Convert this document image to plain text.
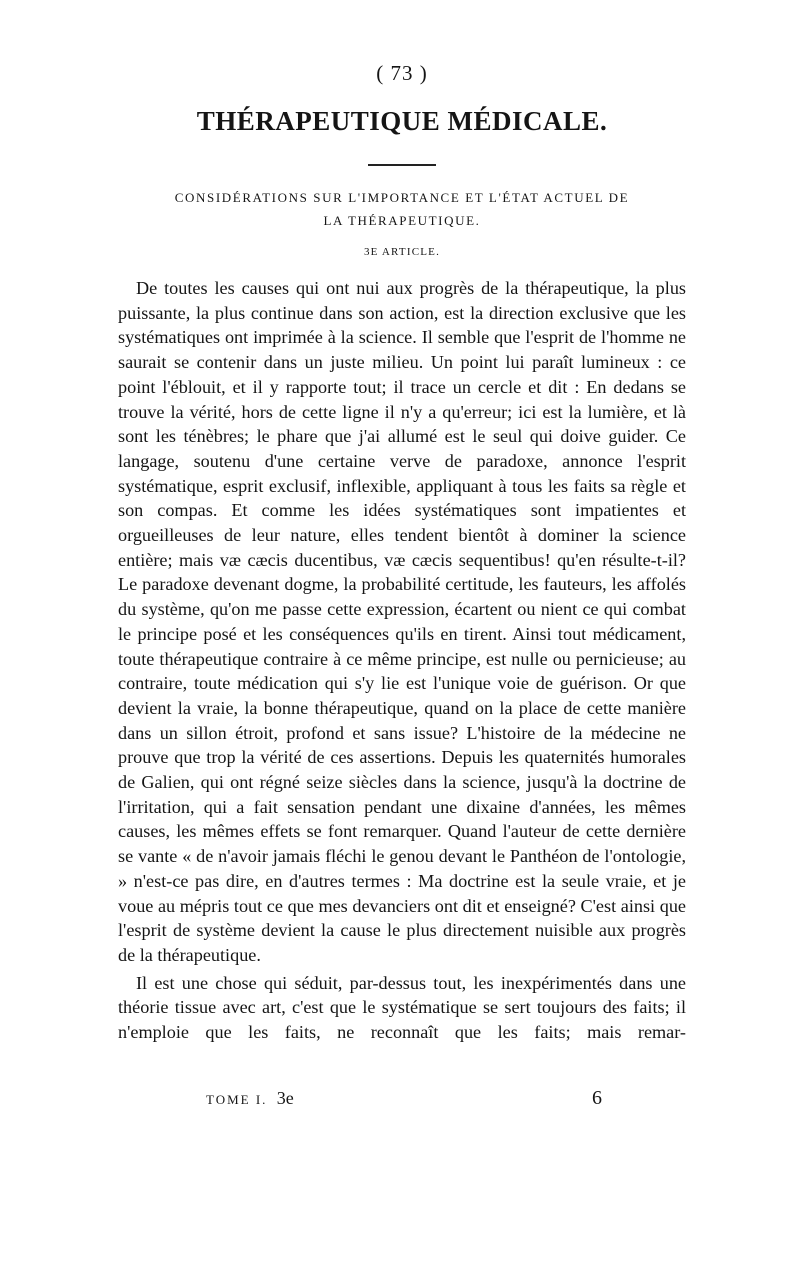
( 73 )
THÉRAPEUTIQUE MÉDICALE.
CONSIDÉRATIONS SUR L'IMPORTANCE ET L'ÉTAT ACTUEL DE
LA THÉRAPEUTIQUE.
3E ARTICLE.

De toutes les causes qui ont nui aux progrès de la thérapeutique, la plus puissante, la plus continue dans son action, est la direction exclusive que les systématiques ont imprimée à la science. Il semble que l'esprit de l'homme ne saurait se contenir dans un juste milieu. Un point lui paraît lumineux : ce point l'éblouit, et il y rapporte tout; il trace un cercle et dit : En dedans se trouve la vérité, hors de cette ligne il n'y a qu'erreur; ici est la lumière, et là sont les ténèbres; le phare que j'ai allumé est le seul qui doive guider. Ce langage, soutenu d'une certaine verve de paradoxe, annonce l'esprit systématique, esprit exclusif, inflexible, appliquant à tous les faits sa règle et son compas. Et comme les idées systématiques sont impatientes et orgueilleuses de leur nature, elles tendent bientôt à dominer la science entière; mais væ cæcis ducentibus, væ cæcis sequentibus! qu'en résulte-t-il? Le paradoxe devenant dogme, la probabilité certitude, les fauteurs, les affolés du système, qu'on me passe cette expression, écartent ou nient ce qui combat le principe posé et les conséquences qu'ils en tirent. Ainsi tout médicament, toute thérapeutique contraire à ce même principe, est nulle ou pernicieuse; au contraire, toute médication qui s'y lie est l'unique voie de guérison. Or que devient la vraie, la bonne thérapeutique, quand on la place de cette manière dans un sillon étroit, profond et sans issue? L'histoire de la médecine ne prouve que trop la vérité de ces assertions. Depuis les quaternités humorales de Galien, qui ont régné seize siècles dans la science, jusqu'à la doctrine de l'irritation, qui a fait sensation pendant une dixaine d'années, les mêmes causes, les mêmes effets se font remarquer. Quand l'auteur de cette dernière se vante « de n'avoir jamais fléchi le genou devant le Panthéon de l'ontologie, » n'est-ce pas dire, en d'autres termes : Ma doctrine est la seule vraie, et je voue au mépris tout ce que mes devanciers ont dit et enseigné? C'est ainsi que l'esprit de système devient la cause le plus directement nuisible aux progrès de la thérapeutique.

Il est une chose qui séduit, par-dessus tout, les inexpérimentés dans une théorie tissue avec art, c'est que le systématique se sert toujours des faits; il n'emploie que les faits, ne reconnaît que les faits; mais remar-

TOME I. 3e	6
